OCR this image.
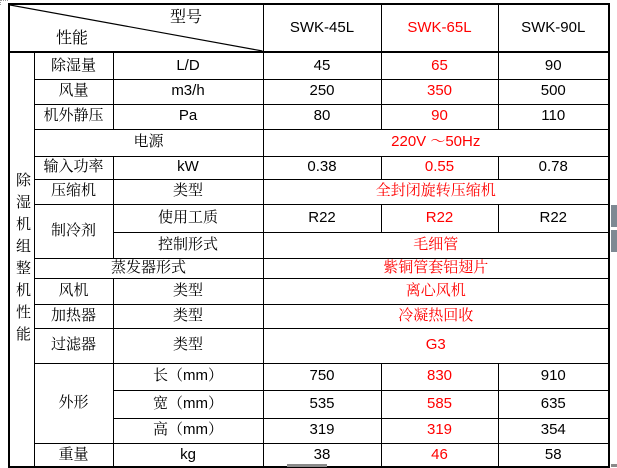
型号
性能			SWK-45L	SWK-65L	SWK-90L

除湿机组整机性能	除湿量	L/D	45	65	90
	风量	m3/h	250	350	500
	机外静压	Pa	80	90	110
	电源		220V ～50Hz		
	输入功率	kW	0.38	0.55	0.78
	压缩机	类型	全封闭旋转压缩机		
	制冷剂	使用工质	R22	R22	R22
		控制形式	毛细管		
	蒸发器形式		紫铜管套铝翅片		
	风机	类型	离心风机		
	加热器	类型	冷凝热回收		
	过滤器	类型	G3		
	外形	长（mm）	750	830	910
		宽（mm）	535	585	635
		高（mm）	319	319	354
	重量	kg	38	46	58
